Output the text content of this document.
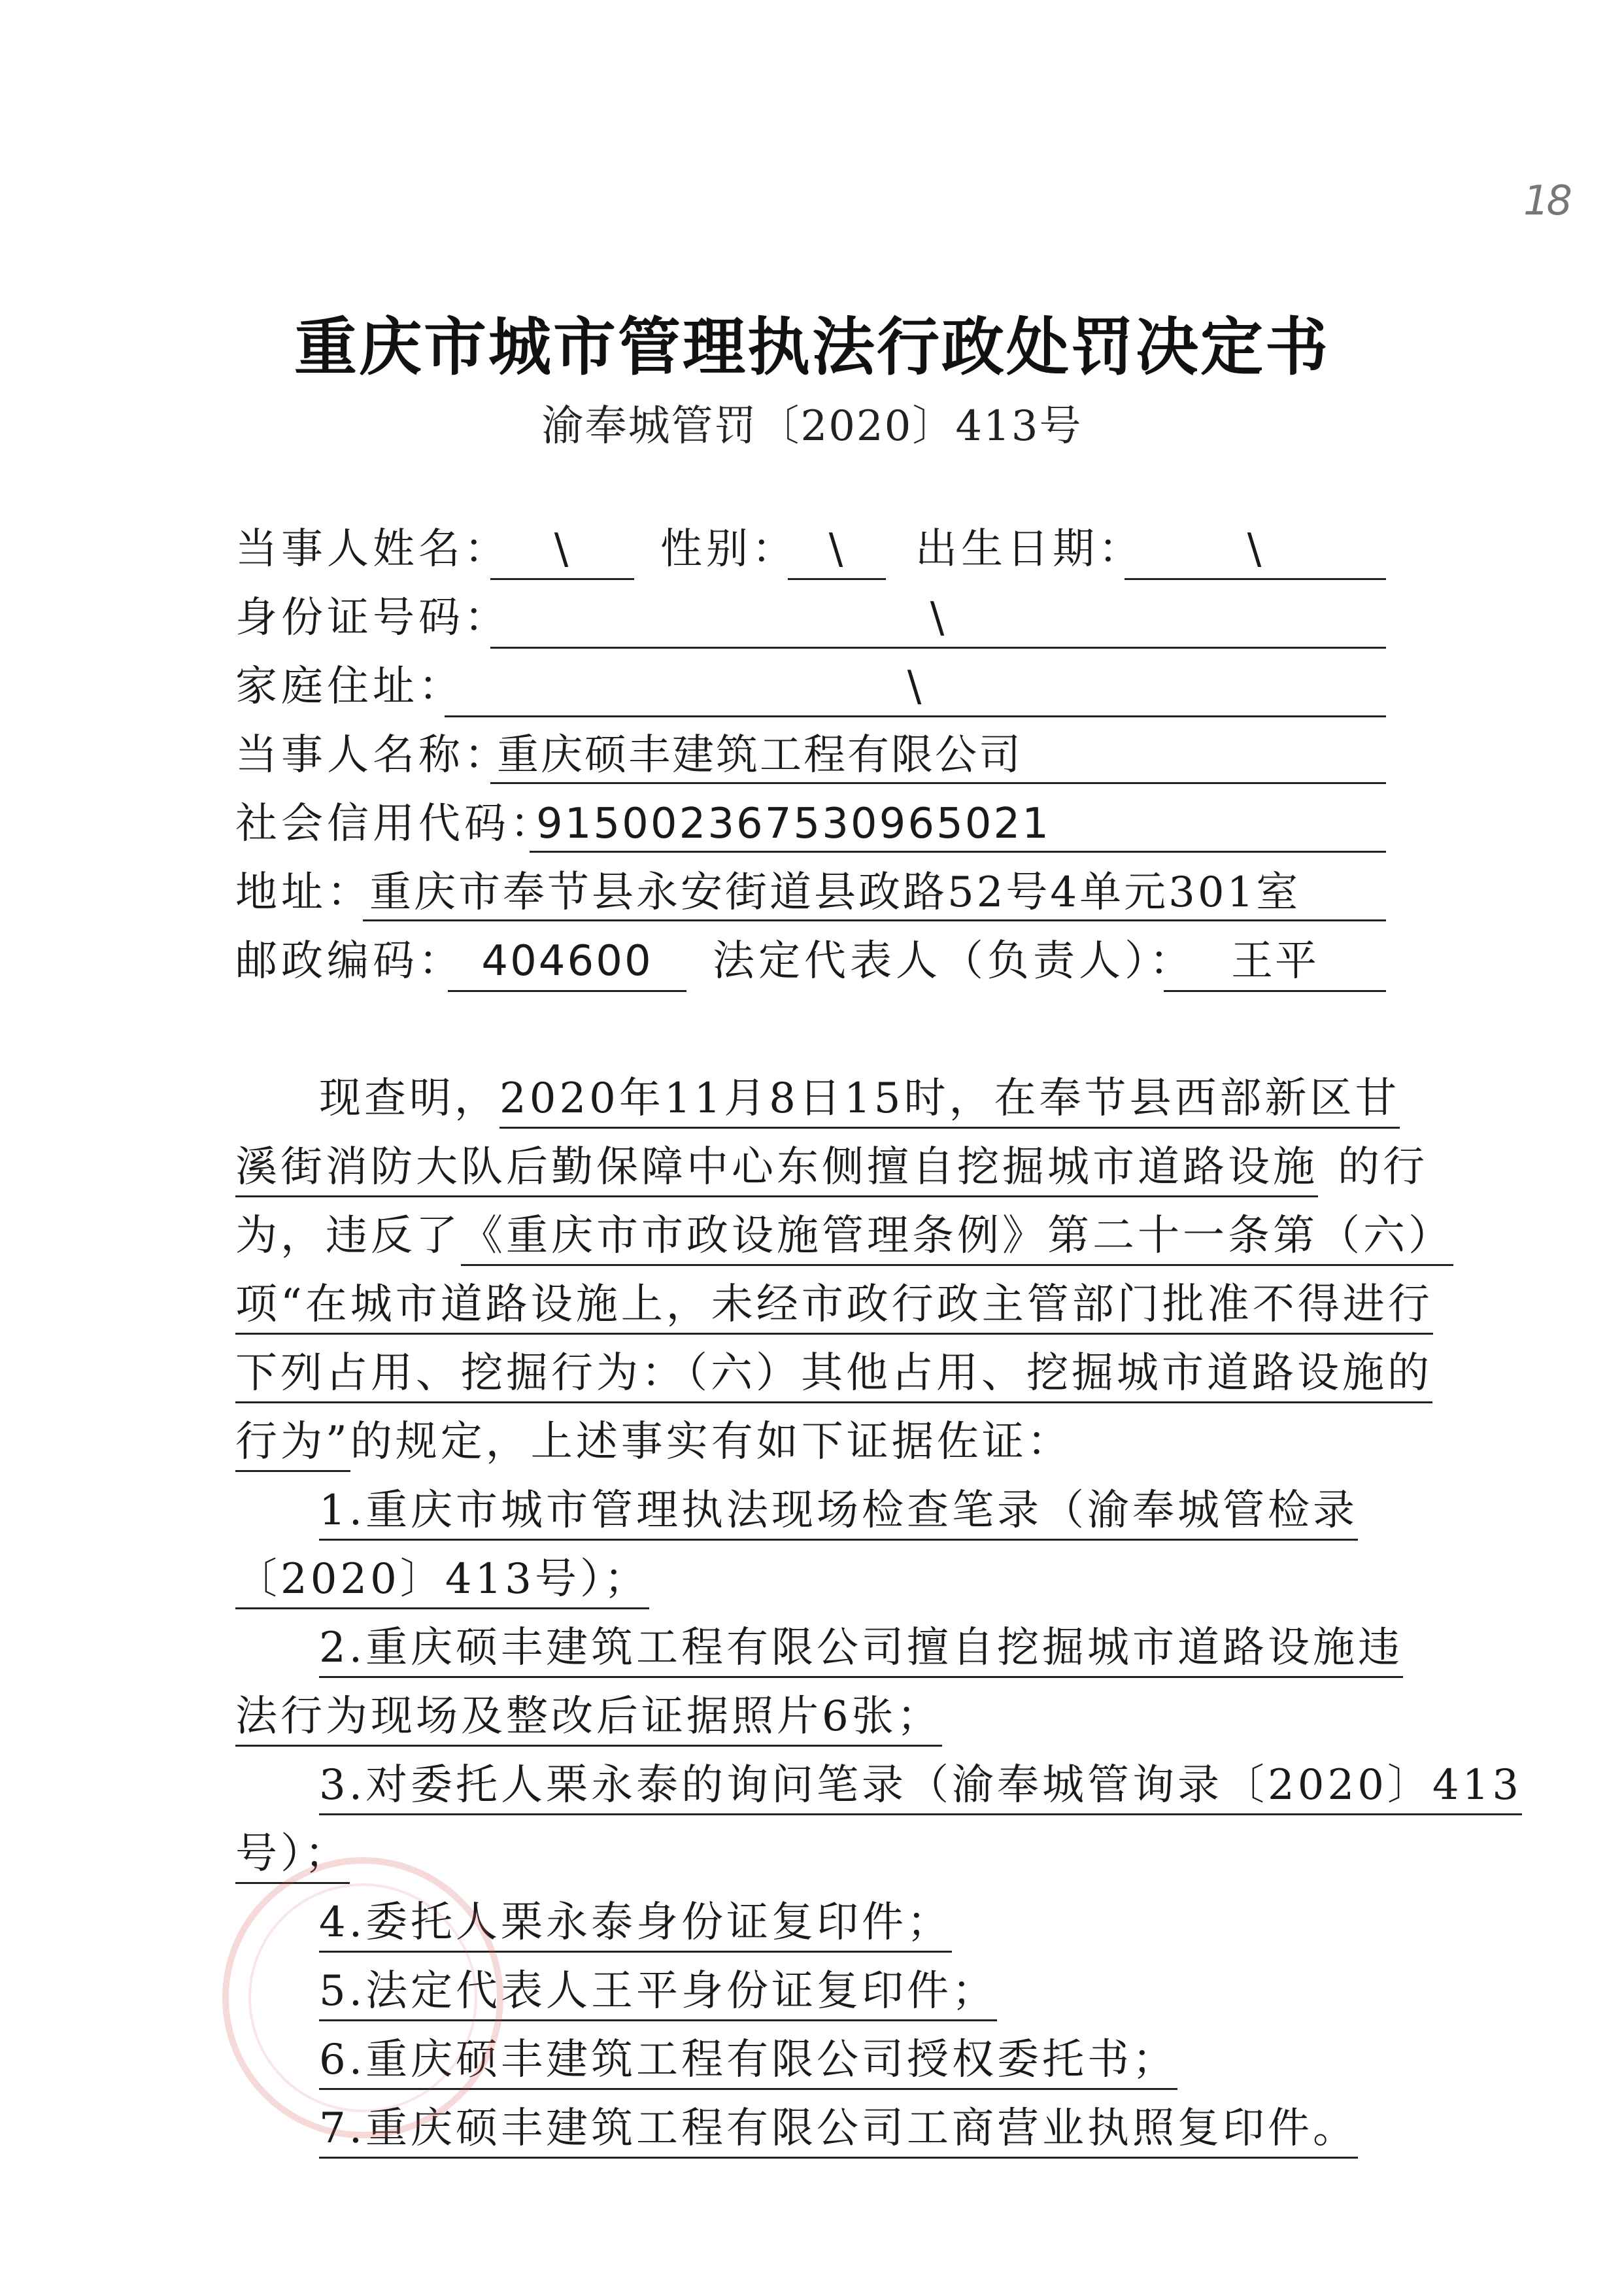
18
重庆市城市管理执法行政处罚决定书
渝奉城管罚〔2020〕413号
当事人姓名：	\	性别： \	出生日期：	\
身份证号码：	\
家庭住址：	\
当事人名称：
重庆硕丰建筑工程有限公司
社会信用代码：
915002367530965021
地址：
重庆市奉节县永安街道县政路52号4单元301室
邮政编码： 404600	法定代表人（负责人）： 王平
现查明，2020年11月8日15时，在奉节县西部新区甘
溪街消防大队后勤保障中心东侧擅自挖掘城市道路设施 的行
为，违反了《重庆市市政设施管理条例》第二十一条第（六）
项“在城市道路设施上，未经市政行政主管部门批准不得进行
下列占用、挖掘行为：（六）其他占用、挖掘城市道路设施的
行为”的规定，上述事实有如下证据佐证：
1.重庆市城市管理执法现场检查笔录（渝奉城管检录
〔2020〕413号）；
2.重庆硕丰建筑工程有限公司擅自挖掘城市道路设施违
法行为现场及整改后证据照片6张；
3.对委托人栗永泰的询问笔录（渝奉城管询录〔2020〕413
号）；
4.委托人栗永泰身份证复印件；
5.法定代表人王平身份证复印件；
6.重庆硕丰建筑工程有限公司授权委托书；
7.重庆硕丰建筑工程有限公司工商营业执照复印件。
